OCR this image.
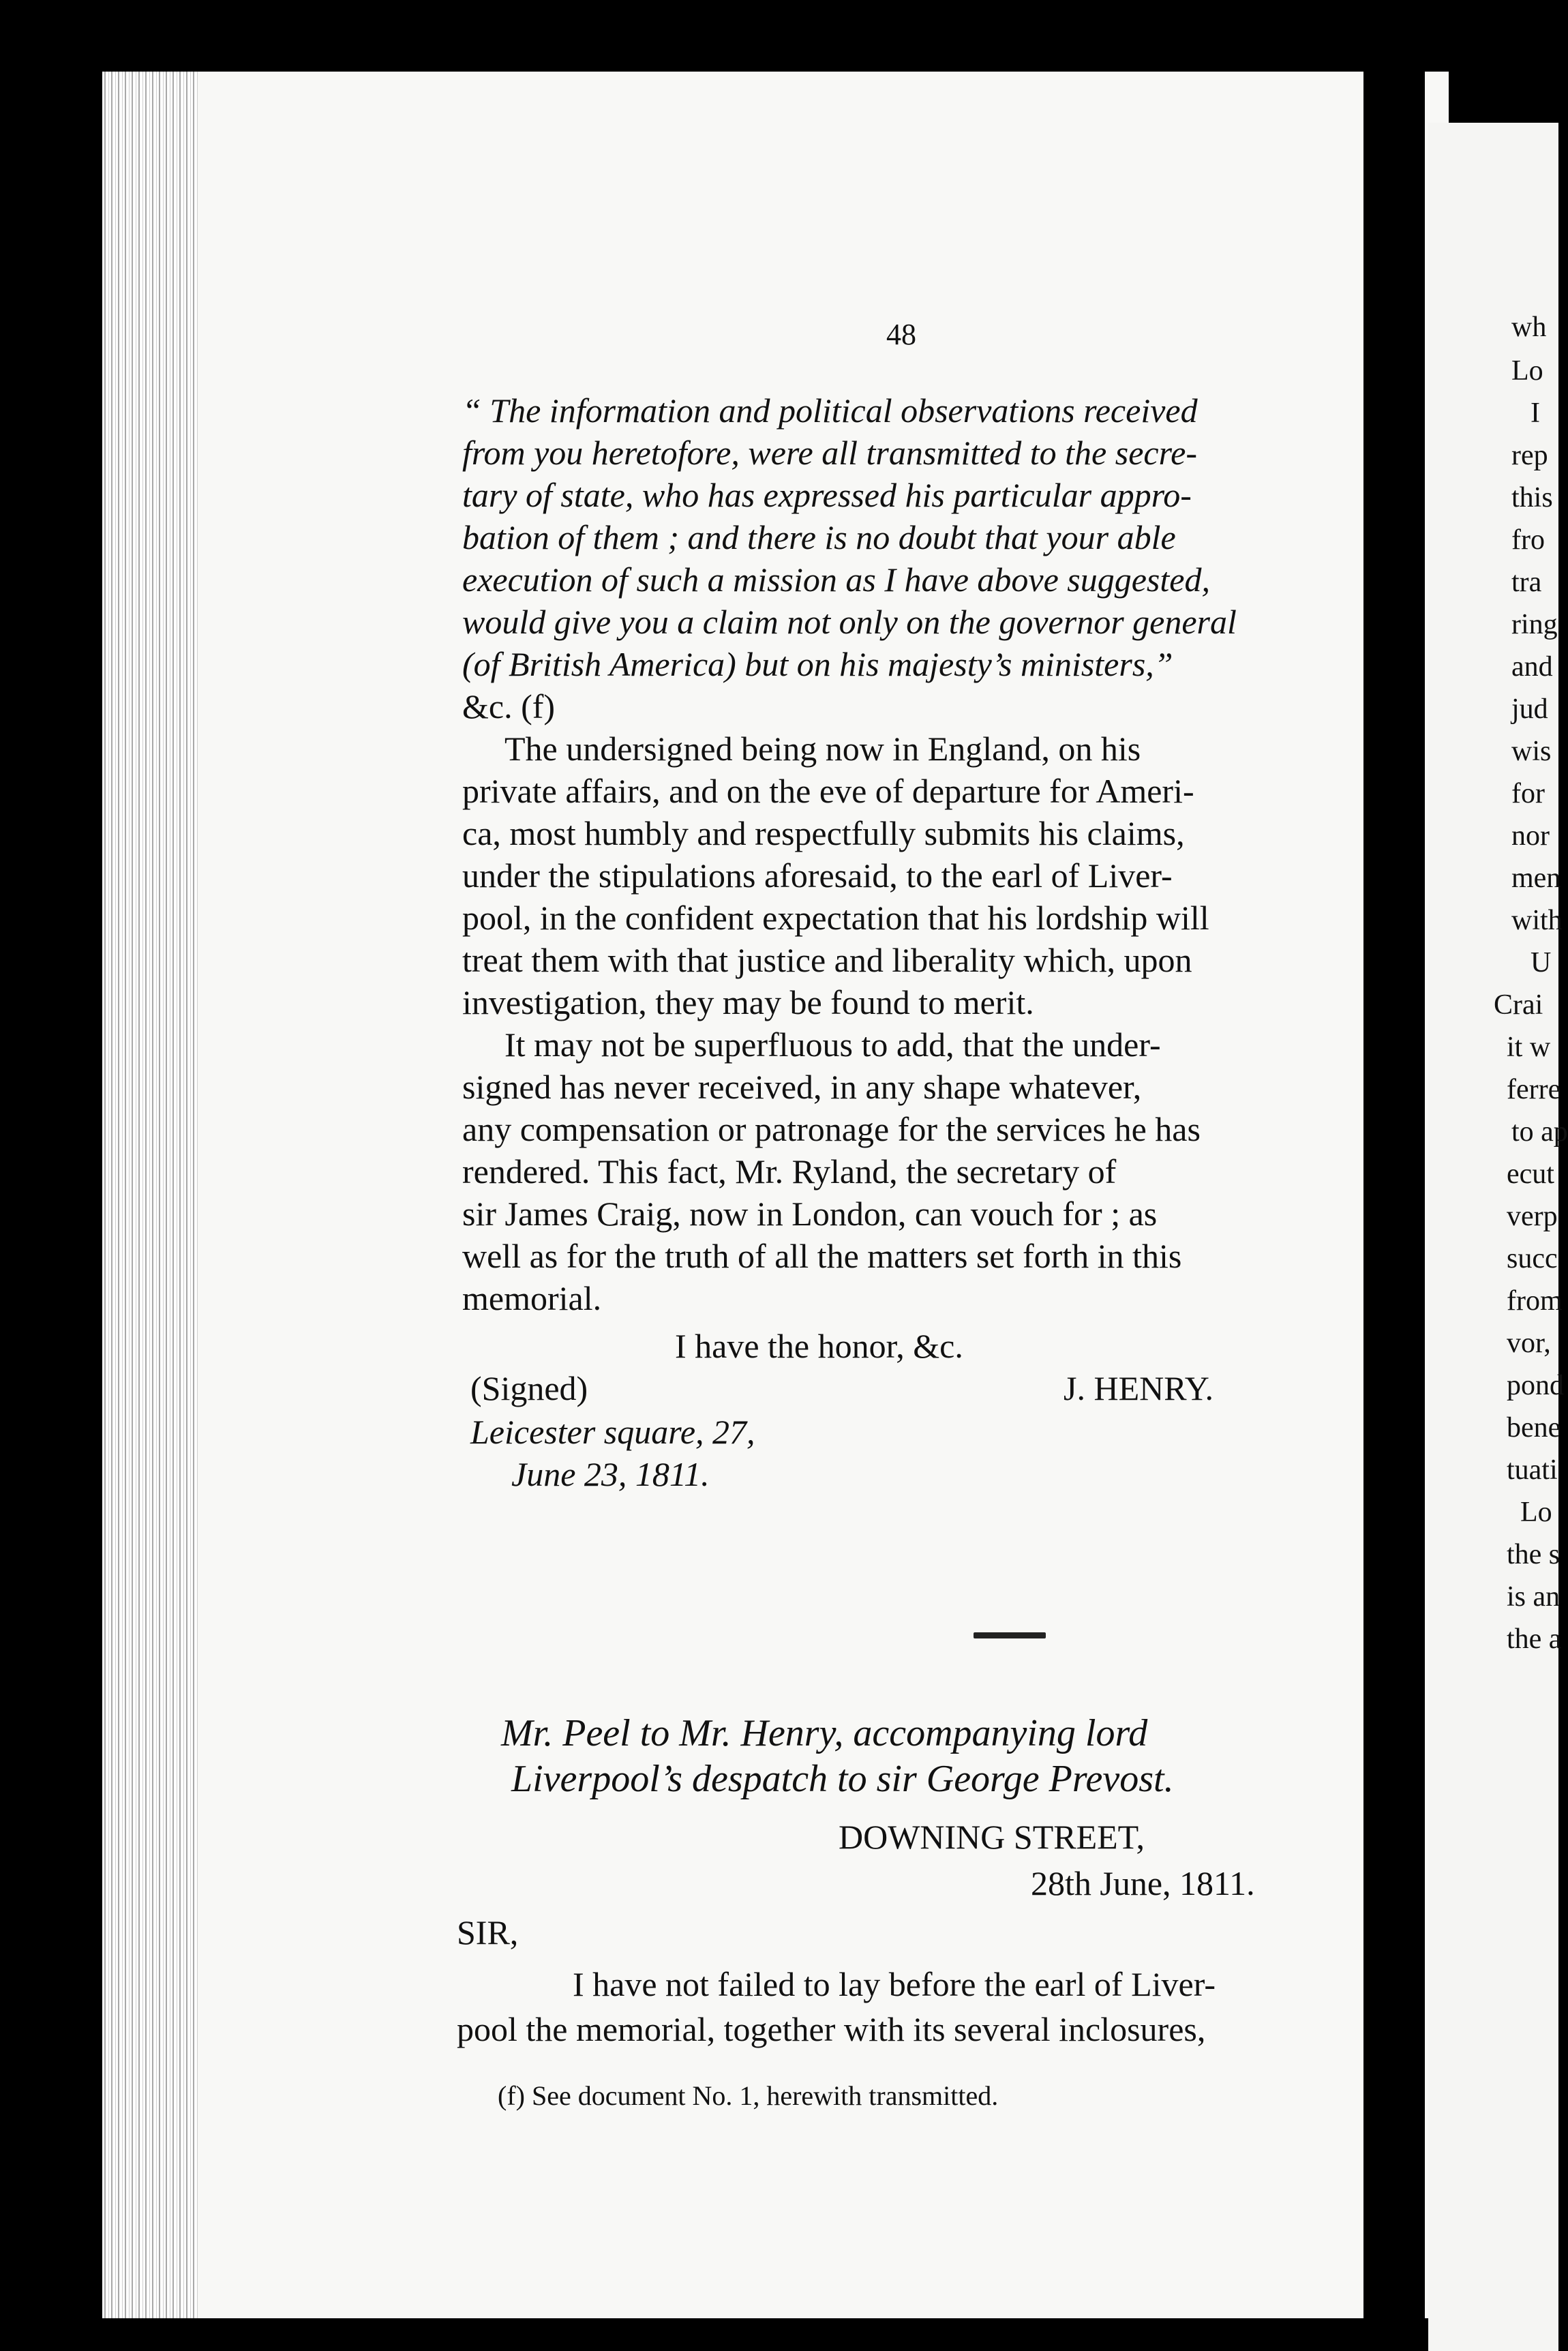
48
“ The information and political observations received
from you heretofore, were all transmitted to the secre-
tary of state, who has expressed his particular appro-
bation of them ; and there is no doubt that your able
execution of such a mission as I have above suggested,
would give you a claim not only on the governor general
(of British America) but on his majesty’s ministers,”
&c. (f)
The undersigned being now in England, on his
private affairs, and on the eve of departure for Ameri-
ca, most humbly and respectfully submits his claims,
under the stipulations aforesaid, to the earl of Liver-
pool, in the confident expectation that his lordship will
treat them with that justice and liberality which, upon
investigation, they may be found to merit.
It may not be superfluous to add, that the under-
signed has never received, in any shape whatever,
any compensation or patronage for the services he has
rendered. This fact, Mr. Ryland, the secretary of
sir James Craig, now in London, can vouch for ; as
well as for the truth of all the matters set forth in this
memorial.
I have the honor, &c.
(Signed)	J. HENRY.
Leicester square, 27,
June 23, 1811.
Mr. Peel to Mr. Henry, accompanying lord
Liverpool’s despatch to sir George Prevost.
DOWNING STREET,
28th June, 1811.
SIR,
I have not failed to lay before the earl of Liver-
pool the memorial, together with its several inclosures,
(f) See document No. 1, herewith transmitted.
wh
Lo
I
rep
this
fro
tra
ring
and
jud
wis
for
nor
men
with
U
Crai
it w
ferre
to ap
ecut
verp
succ
from
vor,
pond
bene
tuati
Lo
the s
is an
the a
